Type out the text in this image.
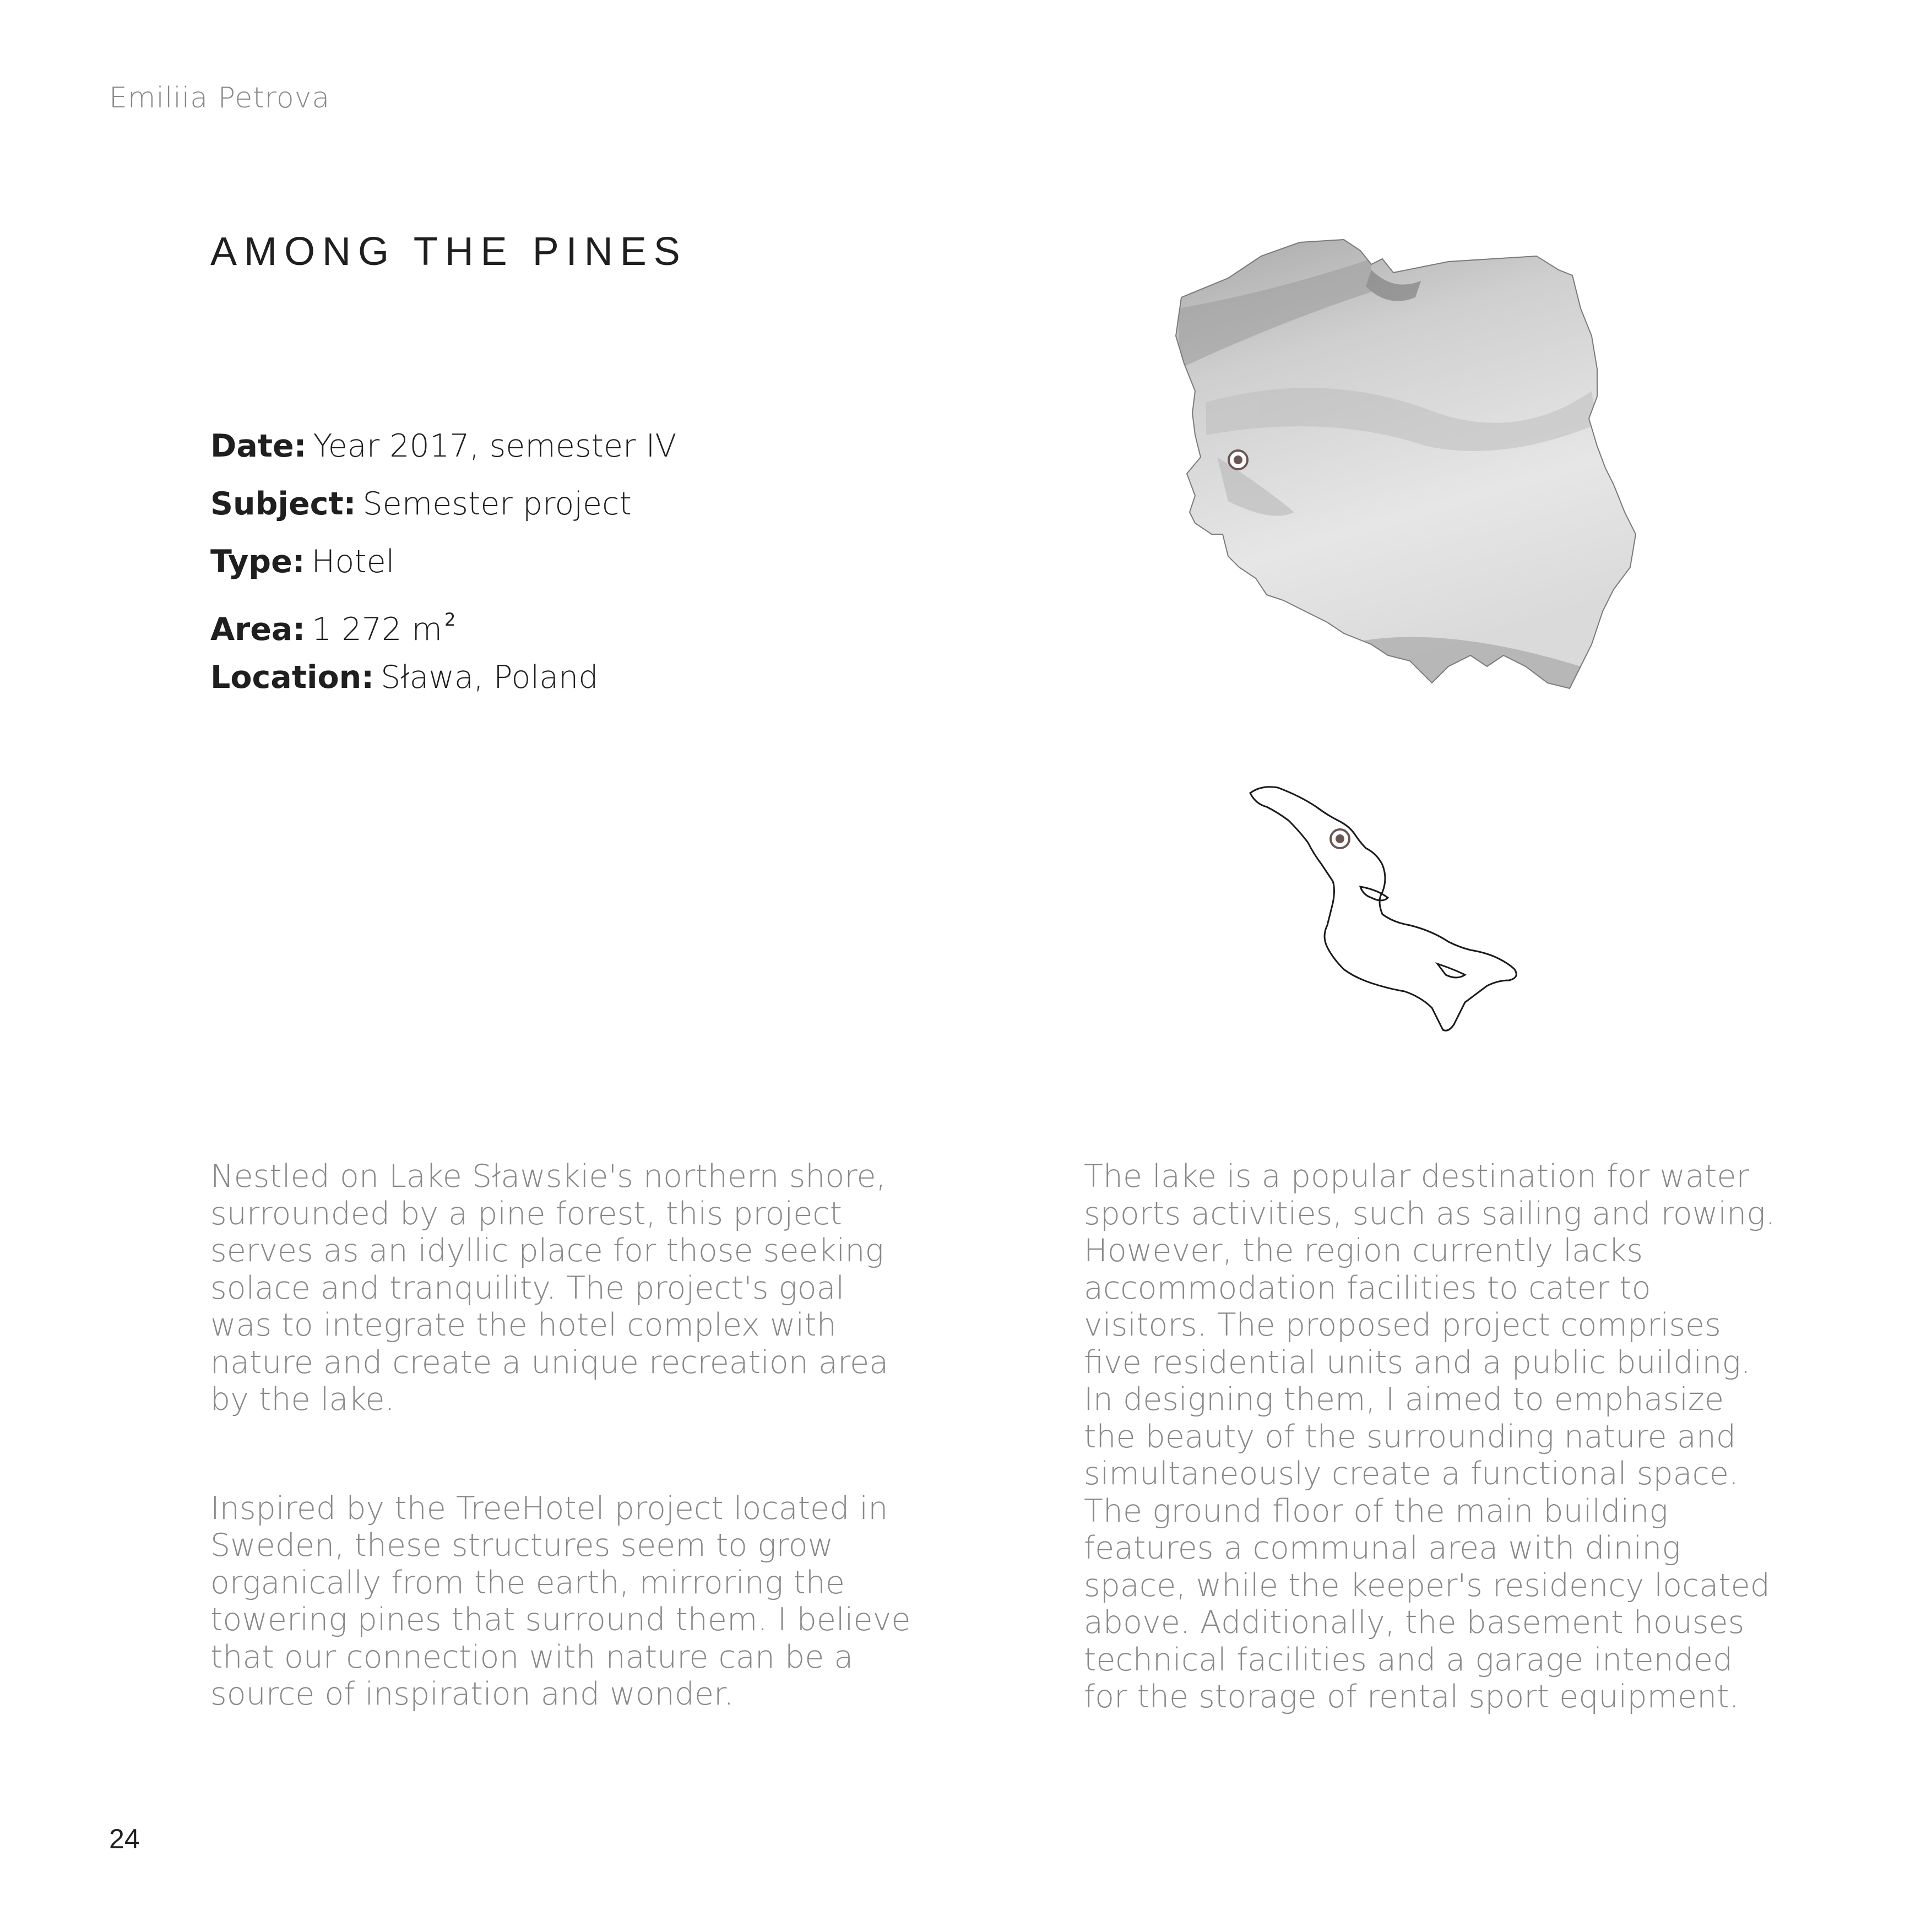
Emiliia Petrova
AMONG THE PINES
Date: Year 2017, semester IV
Subject: Semester project
Type: Hotel
Area: 1 272 m $^2$
Location: Sława, Poland

Nestled on Lake Sławskie's northern shore,
surrounded by a pine forest, this project
serves as an idyllic place for those seeking
solace and tranquility. The project's goal
was to integrate the hotel complex with
nature and create a unique recreation area
by the lake.

Inspired by the TreeHotel project located in
Sweden, these structures seem to grow
organically from the earth, mirroring the
towering pines that surround them. I believe
that our connection with nature can be a
source of inspiration and wonder.

The lake is a popular destination for water
sports activities, such as sailing and rowing.
However, the region currently lacks
accommodation facilities to cater to
visitors. The proposed project comprises
five residential units and a public building.
In designing them, I aimed to emphasize
the beauty of the surrounding nature and
simultaneously create a functional space.
The ground floor of the main building
features a communal area with dining
space, while the keeper's residency located
above. Additionally, the basement houses
technical facilities and a garage intended
for the storage of rental sport equipment.

24
